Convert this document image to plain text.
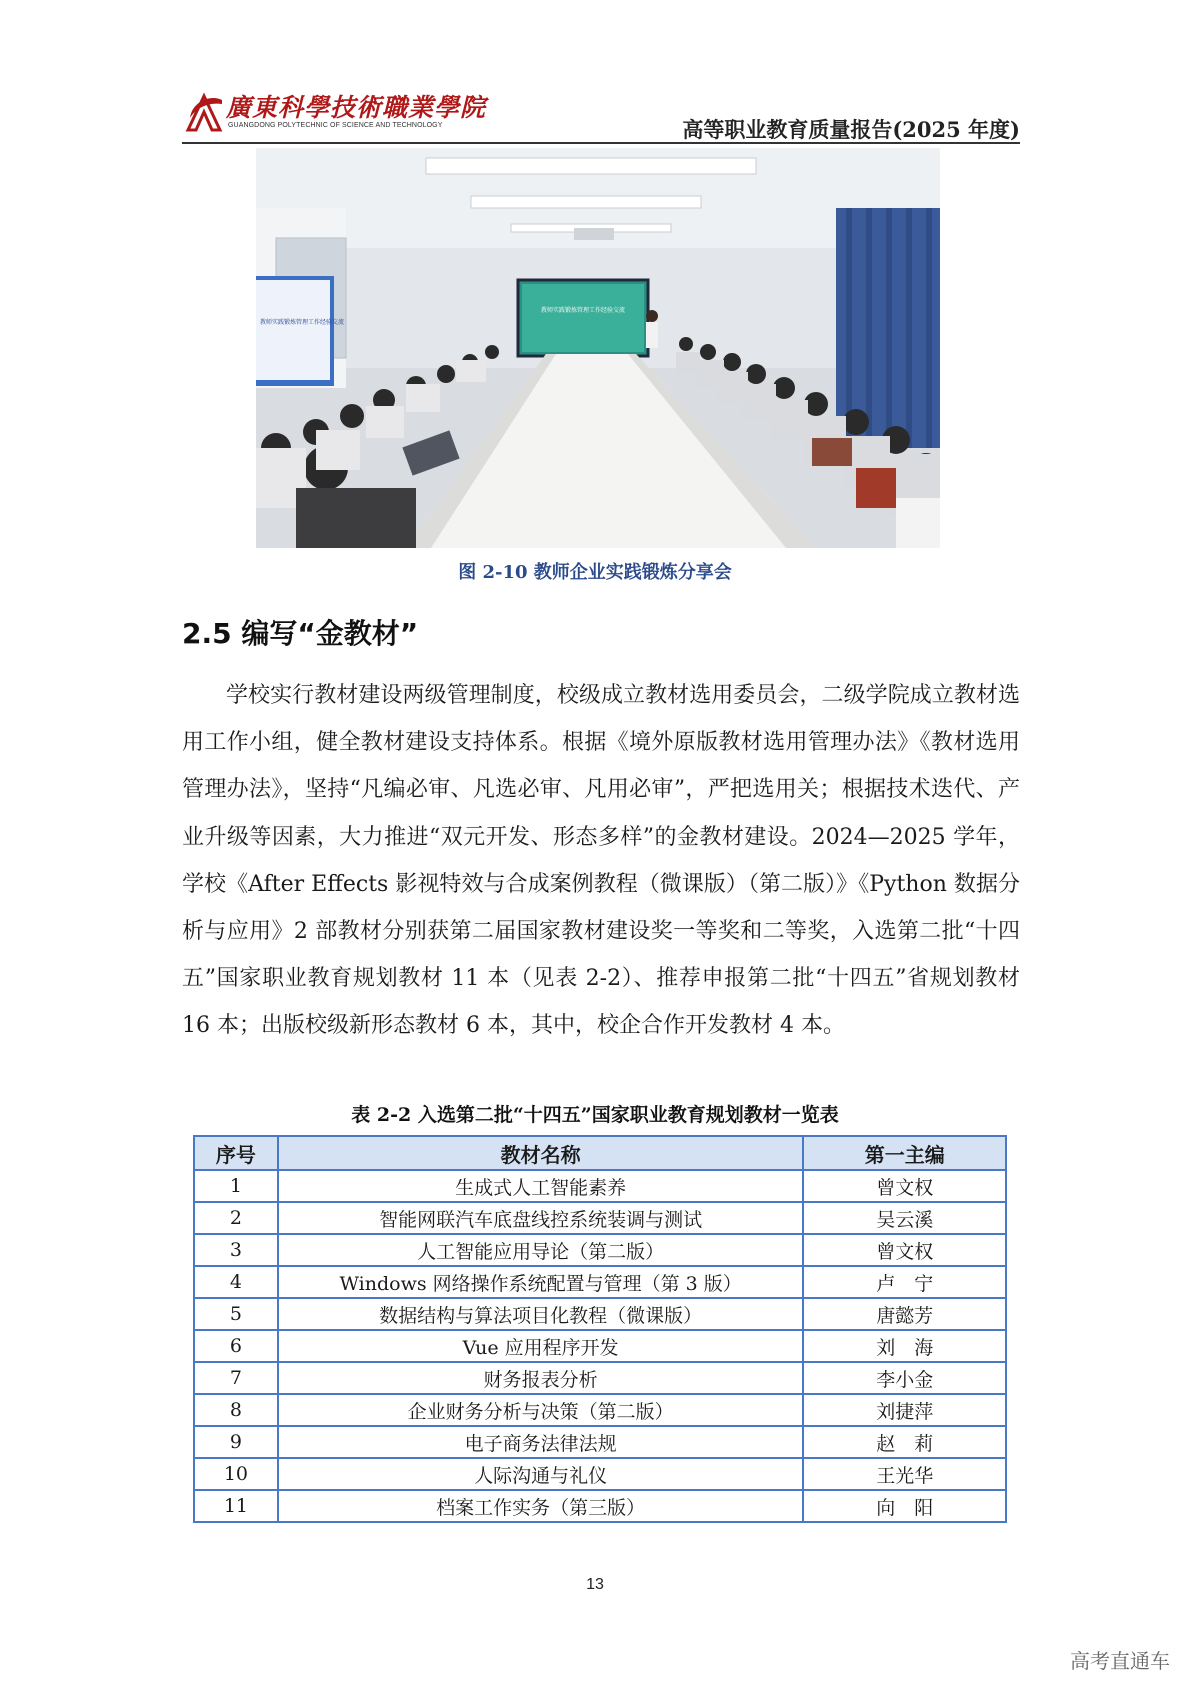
廣東科學技術職業學院
GUANGDONG POLYTECHNIC OF SCIENCE AND TECHNOLOGY	高等职业教育质量报告(2025 年度)
教师实践锻炼管理工作经验交流
教师实践锻炼管理工作经验交流
图 2-10 教师企业实践锻炼分享会
2.5 编写“金教材”
学校实行教材建设两级管理制度，校级成立教材选用委员会，二级学院成立教材选用工作小组，健全教材建设支持体系。根据《境外原版教材选用管理办法》《教材选用管理办法》，坚持“凡编必审、凡选必审、凡用必审”，严把选用关；根据技术迭代、产业升级等因素，大力推进“双元开发、形态多样”的金教材建设。2024—2025 学年，学校《After Effects 影视特效与合成案例教程（微课版）（第二版）》《Python 数据分析与应用》2 部教材分别获第二届国家教材建设奖一等奖和二等奖，入选第二批“十四五”国家职业教育规划教材 11 本（见表 2-2）、推荐申报第二批“十四五”省规划教材 16 本；出版校级新形态教材 6 本，其中，校企合作开发教材 4 本。
表 2-2 入选第二批“十四五”国家职业教育规划教材一览表
序号	教材名称	第一主编
1	生成式人工智能素养	曾文权
2	智能网联汽车底盘线控系统装调与测试	吴云溪
3	人工智能应用导论（第二版）	曾文权
4	Windows 网络操作系统配置与管理（第 3 版）	卢　宁
5	数据结构与算法项目化教程（微课版）	唐懿芳
6	Vue 应用程序开发	刘　海
7	财务报表分析	李小金
8	企业财务分析与决策（第二版）	刘捷萍
9	电子商务法律法规	赵　莉
10	人际沟通与礼仪	王光华
11	档案工作实务（第三版）	向　阳
13
高考直通车
